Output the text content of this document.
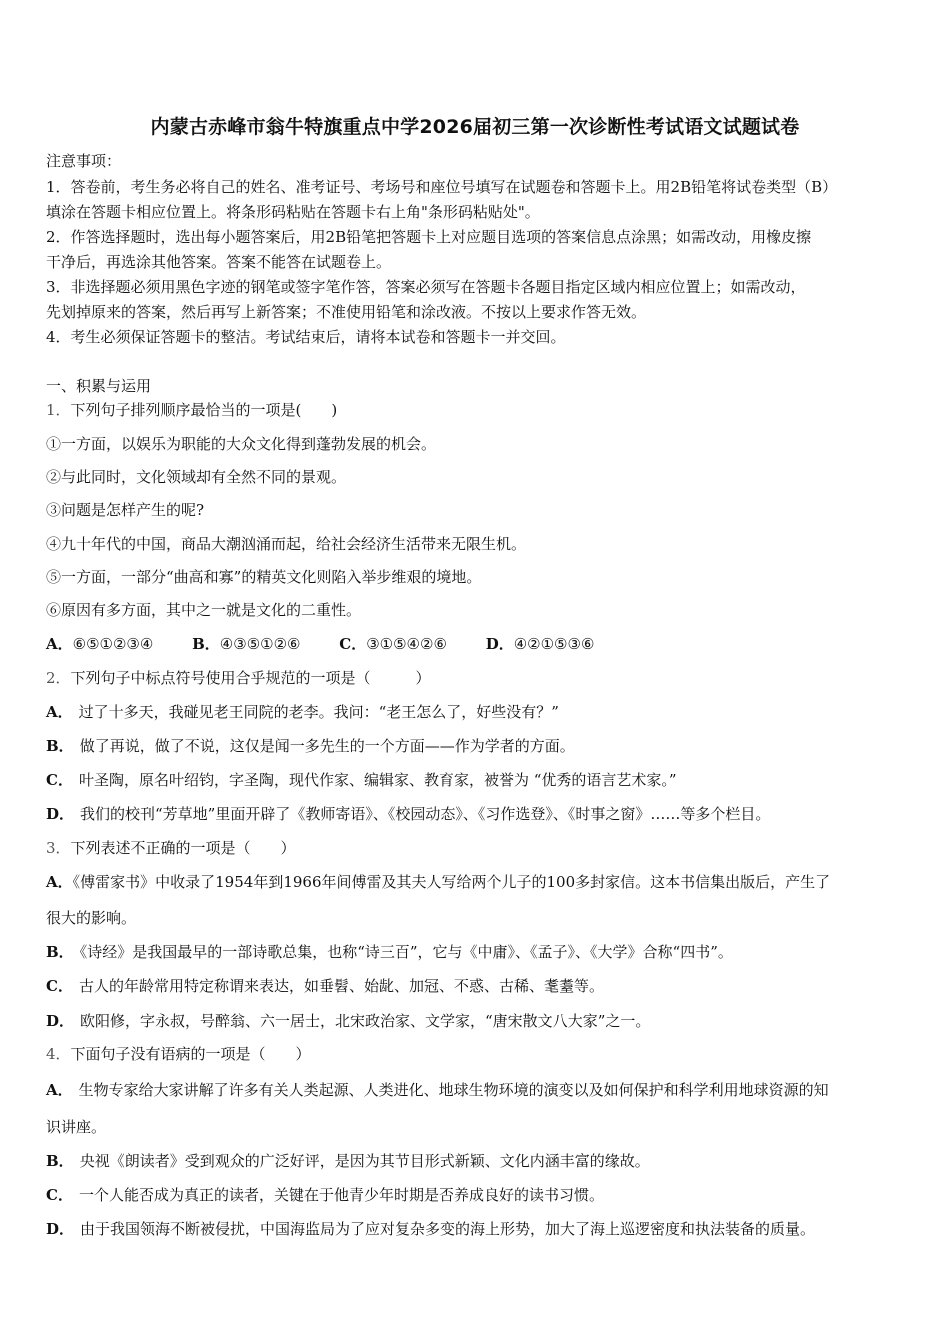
内蒙古赤峰市翁牛特旗重点中学2026届初三第一次诊断性考试语文试题试卷
注意事项：
1．答卷前，考生务必将自己的姓名、准考证号、考场号和座位号填写在试题卷和答题卡上。用2B铅笔将试卷类型（B）
填涂在答题卡相应位置上。将条形码粘贴在答题卡右上角"条形码粘贴处"。
2．作答选择题时，选出每小题答案后，用2B铅笔把答题卡上对应题目选项的答案信息点涂黑；如需改动，用橡皮擦
干净后，再选涂其他答案。答案不能答在试题卷上。
3．非选择题必须用黑色字迹的钢笔或签字笔作答，答案必须写在答题卡各题目指定区域内相应位置上；如需改动，
先划掉原来的答案，然后再写上新答案；不准使用铅笔和涂改液。不按以上要求作答无效。
4．考生必须保证答题卡的整洁。考试结束后，请将本试卷和答题卡一并交回。
一、积累与运用
1．下列句子排列顺序最恰当的一项是(　　)
①一方面，以娱乐为职能的大众文化得到蓬勃发展的机会。
②与此同时，文化领域却有全然不同的景观。
③问题是怎样产生的呢?
④九十年代的中国，商品大潮汹涌而起，给社会经济生活带来无限生机。
⑤一方面，一部分“曲高和寡”的精英文化则陷入举步维艰的境地。
⑥原因有多方面，其中之一就是文化的二重性。
A．⑥⑤①②③④	B．④③⑤①②⑥	C．③①⑤④②⑥	D．④②①⑤③⑥
2．下列句子中标点符号使用合乎规范的一项是（　　　）
A． 过了十多天，我碰见老王同院的老李。我问：“老王怎么了，好些没有？”
B． 做了再说，做了不说，这仅是闻一多先生的一个方面——作为学者的方面。
C． 叶圣陶，原名叶绍钧，字圣陶，现代作家、编辑家、教育家，被誉为 “优秀的语言艺术家。”
D． 我们的校刊“芳草地”里面开辟了《教师寄语》、《校园动态》、《习作选登》、《时事之窗》……等多个栏目。
3．下列表述不正确的一项是（　　）
A．《傅雷家书》中收录了1954年到1966年间傅雷及其夫人写给两个儿子的100多封家信。这本书信集出版后，产生了
很大的影响。
B． 《诗经》是我国最早的一部诗歌总集，也称“诗三百”，它与《中庸》、《孟子》、《大学》合称“四书”。
C． 古人的年龄常用特定称谓来表达，如垂髫、始龀、加冠、不惑、古稀、耄耋等。
D． 欧阳修，字永叔，号醉翁、六一居士，北宋政治家、文学家，“唐宋散文八大家”之一。
4．下面句子没有语病的一项是（　　）
A． 生物专家给大家讲解了许多有关人类起源、人类进化、地球生物环境的演变以及如何保护和科学利用地球资源的知
识讲座。
B． 央视《朗读者》受到观众的广泛好评，是因为其节目形式新颖、文化内涵丰富的缘故。
C． 一个人能否成为真正的读者，关键在于他青少年时期是否养成良好的读书习惯。
D． 由于我国领海不断被侵扰，中国海监局为了应对复杂多变的海上形势，加大了海上巡逻密度和执法装备的质量。
